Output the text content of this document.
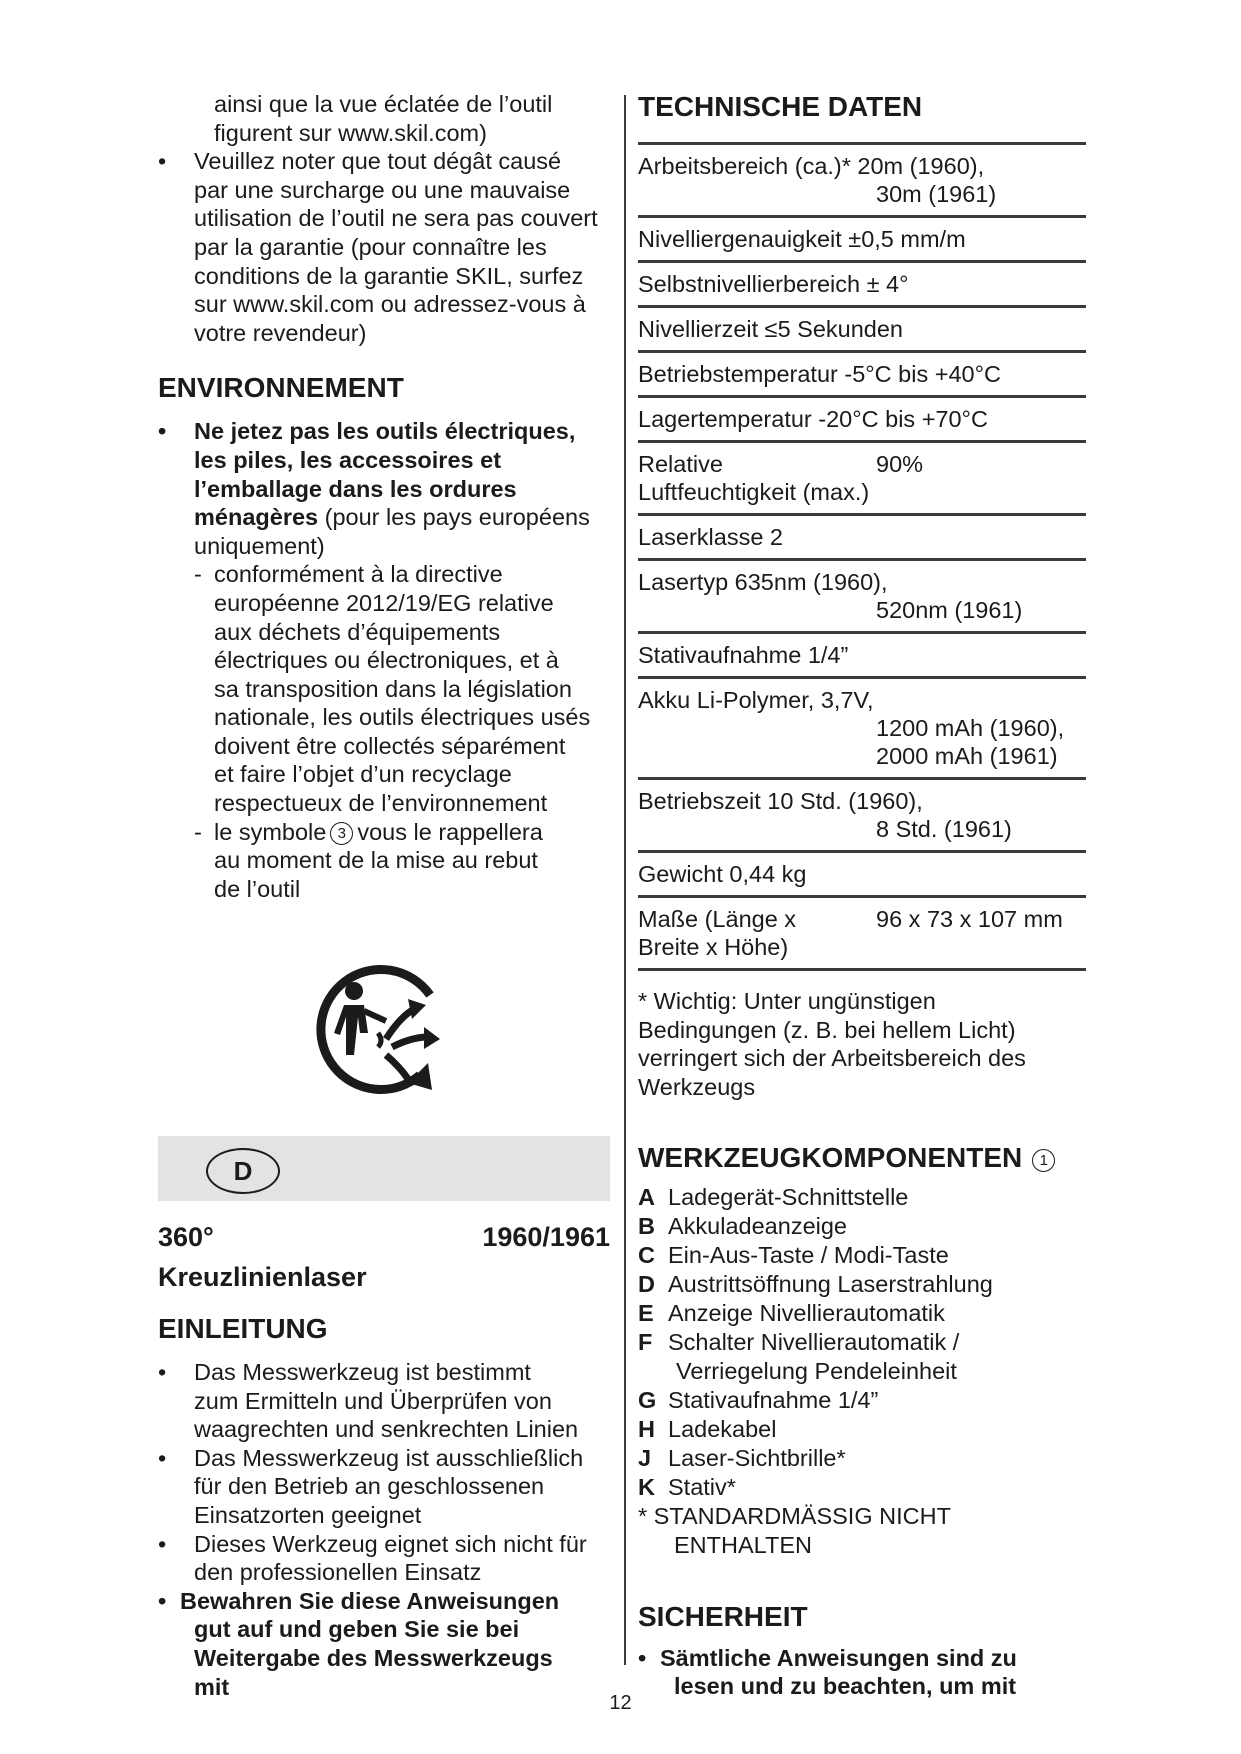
ainsi que la vue éclatée de l’outil
figurent sur www.skil.com)
• Veuillez noter que tout dégât causé
par une surcharge ou une mauvaise
utilisation de l’outil ne sera pas couvert
par la garantie (pour connaître les
conditions de la garantie SKIL, surfez
sur www.skil.com ou adressez-vous à
votre revendeur)
ENVIRONNEMENT
• Ne jetez pas les outils électriques,
les piles, les accessoires et
l’emballage dans les ordures
ménagères (pour les pays européens
uniquement)
- conformément à la directive
européenne 2012/19/EG relative
aux déchets d’équipements
électriques ou électroniques, et à
sa transposition dans la législation
nationale, les outils électriques usés
doivent être collectés séparément
et faire l’objet d’un recyclage
respectueux de l’environnement
- le symbole 3 vous le rappellera
au moment de la mise au rebut
de l’outil
D
360°	1960/1961
Kreuzlinienlaser
EINLEITUNG
• Das Messwerkzeug ist bestimmt
zum Ermitteln und Überprüfen von
waagrechten und senkrechten Linien
• Das Messwerkzeug ist ausschließlich
für den Betrieb an geschlossenen
Einsatzorten geeignet
• Dieses Werkzeug eignet sich nicht für
den professionellen Einsatz
• Bewahren Sie diese Anweisungen
gut auf und geben Sie sie bei
Weitergabe des Messwerkzeugs
mit
TECHNISCHE DATEN
Arbeitsbereich (ca.)* 20m (1960),
30m (1961)
Nivelliergenauigkeit ±0,5 mm/m
Selbstnivellierbereich ± 4°
Nivellierzeit ≤5 Sekunden
Betriebstemperatur -5°C bis +40°C
Lagertemperatur -20°C bis +70°C
Relative	90%
Luftfeuchtigkeit (max.)
Laserklasse 2
Lasertyp 635nm (1960),
520nm (1961)
Stativaufnahme 1/4”
Akku Li-Polymer, 3,7V,
1200 mAh (1960),
2000 mAh (1961)
Betriebszeit 10 Std. (1960),
8 Std. (1961)
Gewicht 0,44 kg
Maße (Länge x	96 x 73 x 107 mm
Breite x Höhe)
* Wichtig: Unter ungünstigen
Bedingungen (z. B. bei hellem Licht)
verringert sich der Arbeitsbereich des
Werkzeugs
WERKZEUGKOMPONENTEN 1
A Ladegerät-Schnittstelle
B Akkuladeanzeige
C Ein-Aus-Taste / Modi-Taste
D Austrittsöffnung Laserstrahlung
E Anzeige Nivellierautomatik
F Schalter Nivellierautomatik /
Verriegelung Pendeleinheit
G Stativaufnahme 1/4”
H Ladekabel
J Laser-Sichtbrille*
K Stativ*
* STANDARDMÄSSIG NICHT
ENTHALTEN
SICHERHEIT
• Sämtliche Anweisungen sind zu
lesen und zu beachten, um mit
12
